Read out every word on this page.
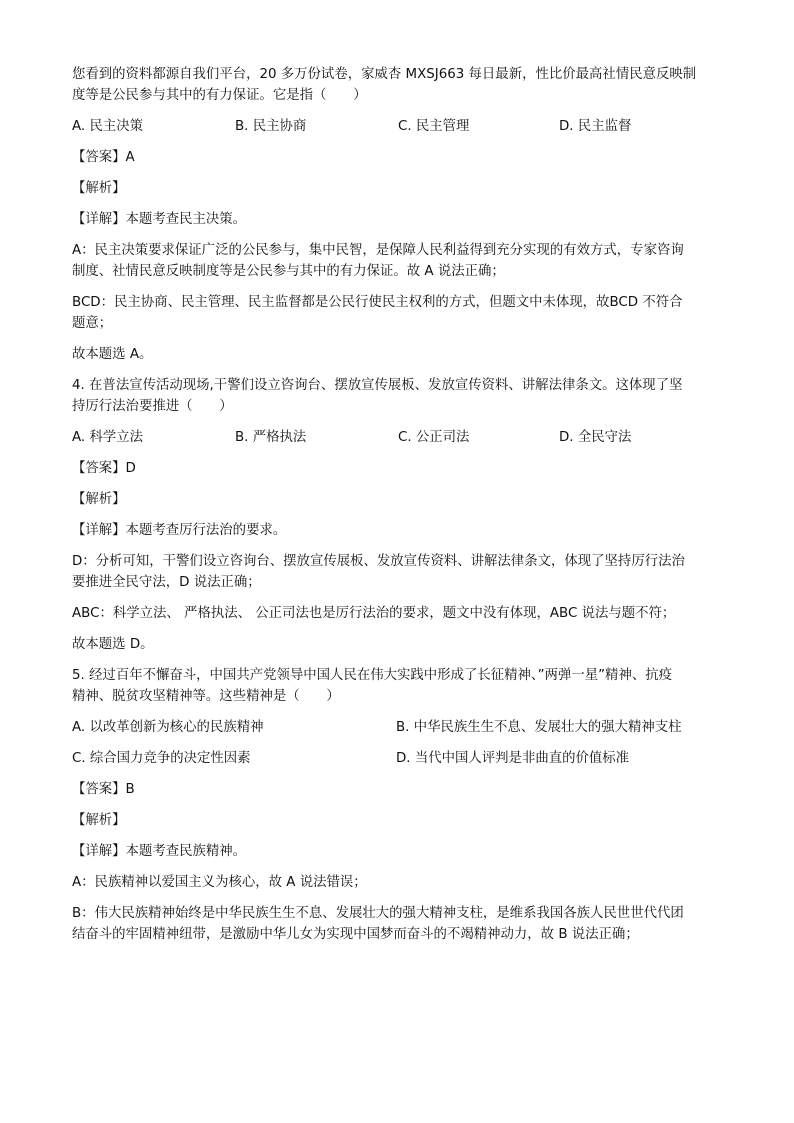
您看到的资料都源自我们平台，20 多万份试卷，家威杏 MXSJ663 每日最新，性比价最高社情民意反映制
度等是公民参与其中的有力保证。它是指（　　）
A. 民主决策	B. 民主协商	C. 民主管理	D. 民主监督
【答案】A
【解析】
【详解】本题考查民主决策。
A：民主决策要求保证广泛的公民参与，集中民智，是保障人民利益得到充分实现的有效方式，专家咨询
制度、社情民意反映制度等是公民参与其中的有力保证。故 A 说法正确；
BCD：民主协商、民主管理、民主监督都是公民行使民主权利的方式，但题文中未体现，故BCD 不符合
题意；
故本题选 A。
4. 在普法宣传活动现场,干警们设立咨询台、摆放宣传展板、发放宣传资料、讲解法律条文。这体现了坚
持厉行法治要推进（　　）
A. 科学立法	B. 严格执法	C. 公正司法	D. 全民守法
【答案】D
【解析】
【详解】本题考查厉行法治的要求。
D：分析可知，干警们设立咨询台、摆放宣传展板、发放宣传资料、讲解法律条文，体现了坚持厉行法治
要推进全民守法，D 说法正确；
ABC：科学立法、 严格执法、 公正司法也是厉行法治的要求，题文中没有体现，ABC 说法与题不符；
故本题选 D。
5. 经过百年不懈奋斗，中国共产党领导中国人民在伟大实践中形成了长征精神、”两弹一星”精神、抗疫
精神、脱贫攻坚精神等。这些精神是（　　）
A. 以改革创新为核心的民族精神	B. 中华民族生生不息、发展壮大的强大精神支柱
C. 综合国力竞争的决定性因素	D. 当代中国人评判是非曲直的价值标准
【答案】B
【解析】
【详解】本题考查民族精神。
A：民族精神以爱国主义为核心，故 A 说法错误；
B：伟大民族精神始终是中华民族生生不息、发展壮大的强大精神支柱，是维系我国各族人民世世代代团
结奋斗的牢固精神纽带，是激励中华儿女为实现中国梦而奋斗的不竭精神动力，故 B 说法正确；
